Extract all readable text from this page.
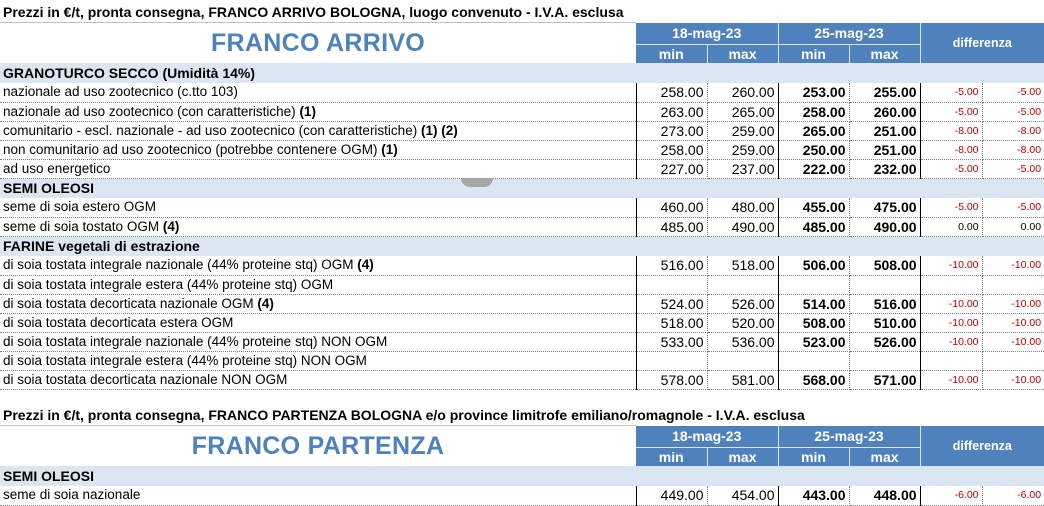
Prezzi in €/t, pronta consegna, FRANCO ARRIVO BOLOGNA, luogo convenuto - I.V.A. esclusa
FRANCO ARRIVO	18-mag-23		25-mag-23		differenza	
	min	max	min	max		
GRANOTURCO SECCO (Umidità 14%)						
nazionale ad uso zootecnico (c.tto 103)	258.00	260.00	253.00	255.00	-5.00	-5.00
nazionale ad uso zootecnico (con caratteristiche) (1)	263.00	265.00	258.00	260.00	-5.00	-5.00
comunitario - escl. nazionale - ad uso zootecnico (con caratteristiche) (1) (2)	273.00	259.00	265.00	251.00	-8.00	-8.00
non comunitario ad uso zootecnico (potrebbe contenere OGM) (1)	258.00	259.00	250.00	251.00	-8.00	-8.00
ad uso energetico	227.00	237.00	222.00	232.00	-5.00	-5.00
SEMI OLEOSI						
seme di soia estero OGM	460.00	480.00	455.00	475.00	-5.00	-5.00
seme di soia tostato OGM (4)	485.00	490.00	485.00	490.00	0.00	0.00
FARINE vegetali di estrazione						
di soia tostata integrale nazionale (44% proteine stq) OGM (4)	516.00	518.00	506.00	508.00	-10.00	-10.00
di soia tostata integrale estera (44% proteine stq) OGM						
di soia tostata decorticata nazionale OGM (4)	524.00	526.00	514.00	516.00	-10.00	-10.00
di soia tostata decorticata estera OGM	518.00	520.00	508.00	510.00	-10.00	-10.00
di soia tostata integrale nazionale (44% proteine stq) NON OGM	533.00	536.00	523.00	526.00	-10.00	-10.00
di soia tostata integrale estera (44% proteine stq) NON OGM						
di soia tostata decorticata nazionale NON OGM	578.00	581.00	568.00	571.00	-10.00	-10.00
Prezzi in €/t, pronta consegna, FRANCO PARTENZA BOLOGNA e/o province limitrofe emiliano/romagnole - I.V.A. esclusa
FRANCO PARTENZA	18-mag-23		25-mag-23		differenza	
	min	max	min	max		
SEMI OLEOSI						
seme di soia nazionale	449.00	454.00	443.00	448.00	-6.00	-6.00
